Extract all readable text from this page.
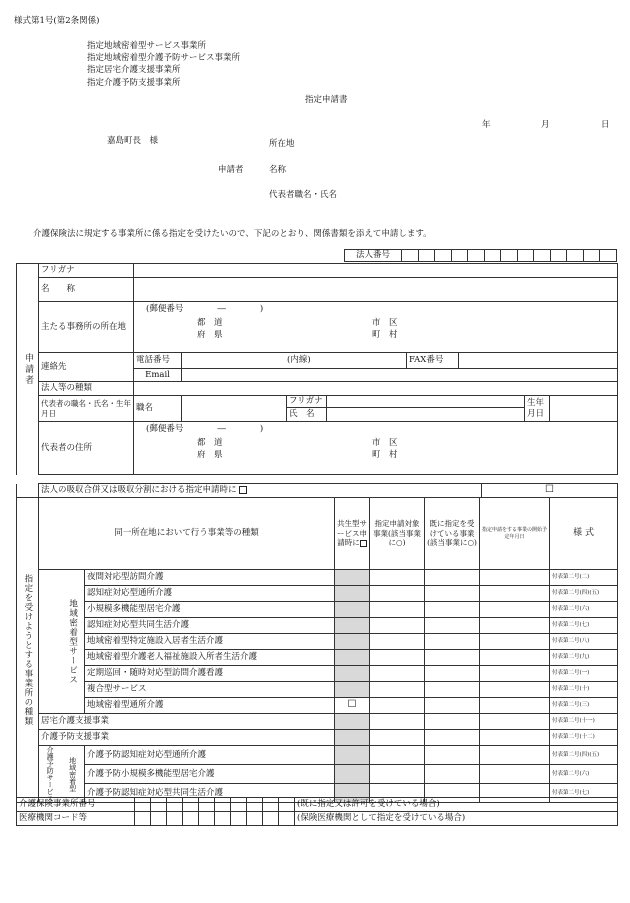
様式第1号(第2条関係)
指定地域密着型サービス事業所
指定地域密着型介護予防サービス事業所
指定居宅介護支援事業所
指定介護予防支援事業所
指定申請書
年	月	日
嘉島町長　様	所在地
申請者	名称
代表者職名・氏名
介護保険法に規定する事業所に係る指定を受けたいので、下記のとおり、関係書類を添えて申請します。
法人番号													
申請者	フリガナ								
	名　　称								
	主たる事務所の所在地	(郵便番号　　　　―　　　　)
都　道
府　県
市　区
町　村							

	連絡先	電話番号	(内線)			FAX番号			
		Email							
	法人等の種類								
	代表者の職名・氏名・生年月日	職名		フリガナ				生年月日	
				氏　名					
	代表者の住所	(郵便番号　　　　―　　　　)
都　道
府　県
市　区
町　村							
	法人の吸収合併又は吸収分割における指定申請時に	☐
指定を受けようとする事業所の種類	同一所在地において行う事業等の種類			共生型サービス申請時に	指定申請対象事業(該当事業に○)	既に指定を受けている事業(該当事業に○)	指定申請をする事業の開始予定年月日	様 式
		地域密着型サービス	夜間対応型訪問介護					付表第二号(二)
			認知症対応型通所介護					付表第二号(四)(五)
			小規模多機能型居宅介護					付表第二号(六)
			認知症対応型共同生活介護					付表第二号(七)
			地域密着型特定施設入居者生活介護					付表第二号(八)
			地域密着型介護老人福祉施設入所者生活介護					付表第二号(九)
			定期巡回・随時対応型訪問介護看護					付表第二号(一)
			複合型サービス					付表第二号(十)
			地域密着型通所介護	☐				付表第二号(三)
	居宅介護支援事業							付表第二号(十一)
	介護予防支援事業							付表第二号(十二)
	介護予防サービス	地域密着型	介護予防認知症対応型通所介護					付表第二号(四)(五)
			介護予防小規模多機能型居宅介護					付表第二号(六)
			介護予防認知症対応型共同生活介護					付表第二号(七)
介護保険事業所番号											(既に指定又は許可を受けている場合)
医療機関コード等											(保険医療機関として指定を受けている場合)
